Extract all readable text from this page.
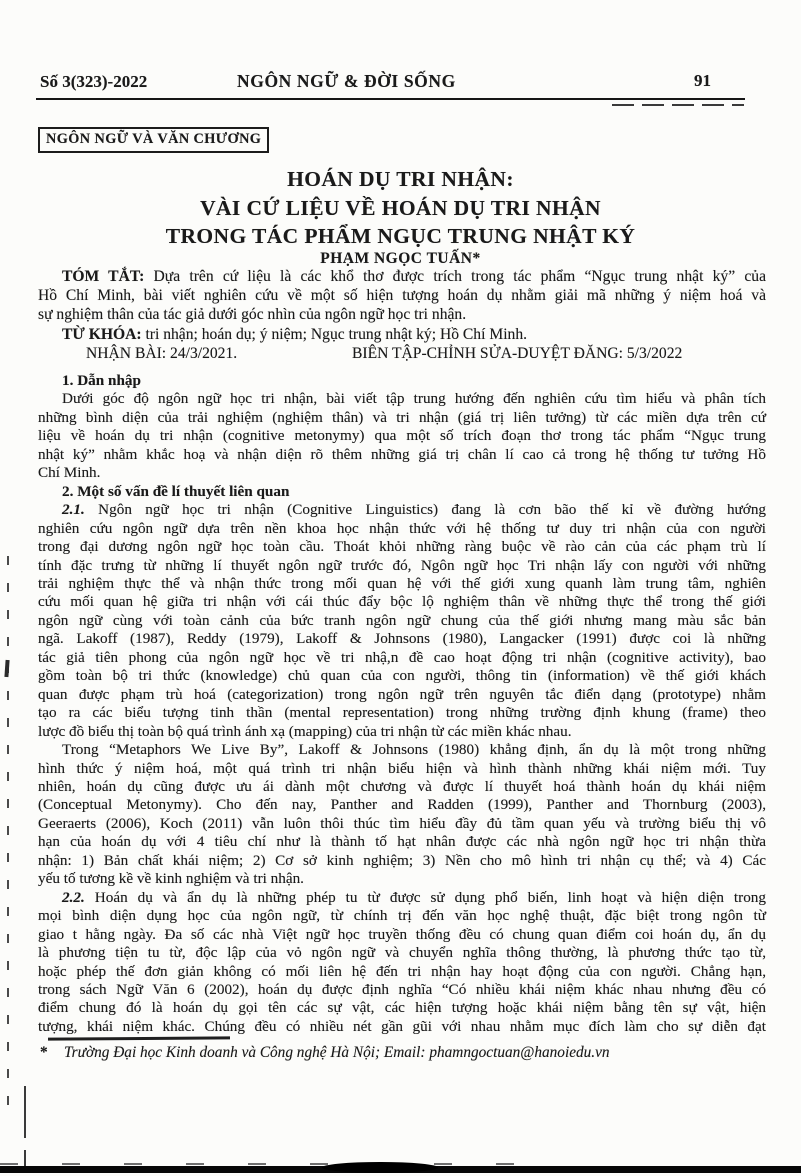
Số 3(323)-2022	NGÔN NGỮ & ĐỜI SỐNG	91
NGÔN NGỮ VÀ VĂN CHƯƠNG
HOÁN DỤ TRI NHẬN:
VÀI CỨ LIỆU VỀ HOÁN DỤ TRI NHẬN
TRONG TÁC PHẨM NGỤC TRUNG NHẬT KÝ
PHẠM NGỌC TUẤN*
TÓM TẮT: Dựa trên cứ liệu là các khổ thơ được trích trong tác phẩm “Ngục trung nhật ký” của
Hồ Chí Minh, bài viết nghiên cứu về một số hiện tượng hoán dụ nhằm giải mã những ý niệm hoá và
sự nghiệm thân của tác giả dưới góc nhìn của ngôn ngữ học tri nhận.
TỪ KHÓA: tri nhận; hoán dụ; ý niệm; Ngục trung nhật ký; Hồ Chí Minh.
NHẬN BÀI: 24/3/2021.	BIÊN TẬP-CHỈNH SỬA-DUYỆT ĐĂNG: 5/3/2022
1. Dẫn nhập
Dưới góc độ ngôn ngữ học tri nhận, bài viết tập trung hướng đến nghiên cứu tìm hiểu và phân tích
những bình diện của trải nghiệm (nghiệm thân) và tri nhận (giá trị liên tưởng) từ các miền dựa trên cứ
liệu về hoán dụ tri nhận (cognitive metonymy) qua một số trích đoạn thơ trong tác phẩm “Ngục trung
nhật ký” nhằm khắc hoạ và nhận diện rõ thêm những giá trị chân lí cao cả trong hệ thống tư tưởng Hồ
Chí Minh.
2. Một số vấn đề lí thuyết liên quan
2.1. Ngôn ngữ học tri nhận (Cognitive Linguistics) đang là cơn bão thế kỉ về đường hướng
nghiên cứu ngôn ngữ dựa trên nền khoa học nhận thức với hệ thống tư duy tri nhận của con người
trong đại dương ngôn ngữ học toàn cầu. Thoát khỏi những ràng buộc về rào cản của các phạm trù lí
tính đặc trưng từ những lí thuyết ngôn ngữ trước đó, Ngôn ngữ học Tri nhận lấy con người với những
trải nghiệm thực thể và nhận thức trong mối quan hệ với thế giới xung quanh làm trung tâm, nghiên
cứu mối quan hệ giữa tri nhận với cái thúc đẩy bộc lộ nghiệm thân về những thực thể trong thế giới
ngôn ngữ cùng với toàn cảnh của bức tranh ngôn ngữ chung của thế giới nhưng mang màu sắc bản
ngã. Lakoff (1987), Reddy (1979), Lakoff & Johnsons (1980), Langacker (1991) được coi là những
tác giả tiên phong của ngôn ngữ học về tri nhậ,n đề cao hoạt động tri nhận (cognitive activity), bao
gồm toàn bộ tri thức (knowledge) chủ quan của con người, thông tin (information) về thế giới khách
quan được phạm trù hoá (categorization) trong ngôn ngữ trên nguyên tắc điển dạng (prototype) nhằm
tạo ra các biểu tượng tinh thần (mental representation) trong những trường định khung (frame) theo
lược đồ biểu thị toàn bộ quá trình ánh xạ (mapping) của tri nhận từ các miền khác nhau.
Trong “Metaphors We Live By”, Lakoff & Johnsons (1980) khẳng định, ẩn dụ là một trong những
hình thức ý niệm hoá, một quá trình tri nhận biểu hiện và hình thành những khái niệm mới. Tuy
nhiên, hoán dụ cũng được ưu ái dành một chương và được lí thuyết hoá thành hoán dụ khái niệm
(Conceptual Metonymy). Cho đến nay, Panther and Radden (1999), Panther and Thornburg (2003),
Geeraerts (2006), Koch (2011) vẫn luôn thôi thúc tìm hiểu đầy đủ tầm quan yếu và trường biểu thị vô
hạn của hoán dụ với 4 tiêu chí như là thành tố hạt nhân được các nhà ngôn ngữ học tri nhận thừa
nhận: 1) Bản chất khái niệm; 2) Cơ sở kinh nghiệm; 3) Nền cho mô hình tri nhận cụ thể; và 4) Các
yếu tố tương kề về kinh nghiệm và tri nhận.
2.2. Hoán dụ và ẩn dụ là những phép tu từ được sử dụng phổ biến, linh hoạt và hiện diện trong
mọi bình diện dụng học của ngôn ngữ, từ chính trị đến văn học nghệ thuật, đặc biệt trong ngôn từ
giao t hằng ngày. Đa số các nhà Việt ngữ học truyền thống đều có chung quan điểm coi hoán dụ, ẩn dụ
là phương tiện tu từ, độc lập của vỏ ngôn ngữ và chuyển nghĩa thông thường, là phương thức tạo từ,
hoặc phép thế đơn giản không có mối liên hệ đến tri nhận hay hoạt động của con người. Chẳng hạn,
trong sách Ngữ Văn 6 (2002), hoán dụ được định nghĩa “Có nhiều khái niệm khác nhau nhưng đều có
điểm chung đó là hoán dụ gọi tên các sự vật, các hiện tượng hoặc khái niệm bằng tên sự vật, hiện
tượng, khái niệm khác. Chúng đều có nhiều nét gần gũi với nhau nhằm mục đích làm cho sự diễn đạt
* Trường Đại học Kinh doanh và Công nghệ Hà Nội; Email: phamngoctuan@hanoiedu.vn
